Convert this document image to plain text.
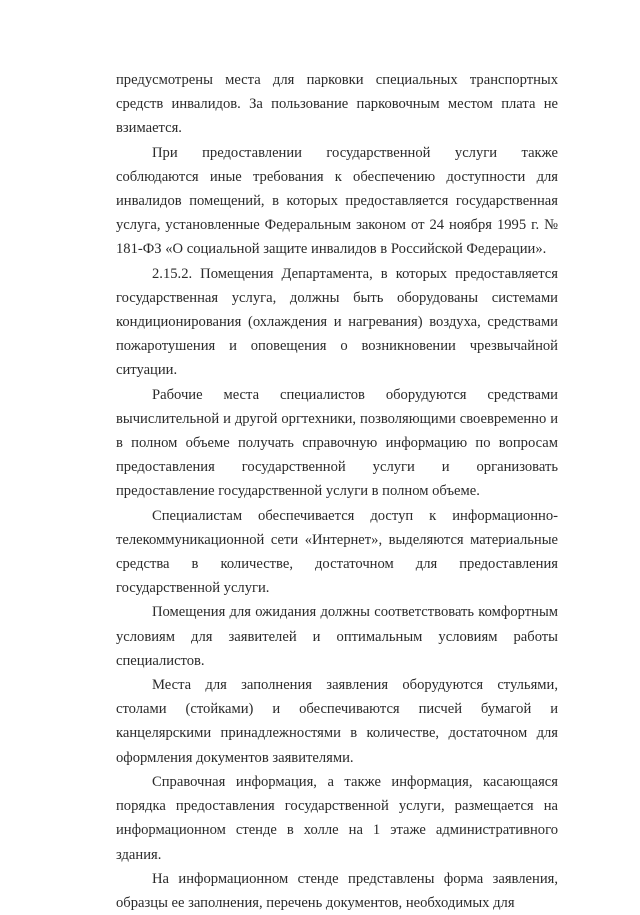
предусмотрены места для парковки специальных транспортных средств инвалидов. За пользование парковочным местом плата не взимается.

При предоставлении государственной услуги также соблюдаются иные требования к обеспечению доступности для инвалидов помещений, в которых предоставляется государственная услуга, установленные Федеральным законом от 24 ноября 1995 г. № 181-ФЗ «О социальной защите инвалидов в Российской Федерации».

2.15.2. Помещения Департамента, в которых предоставляется государственная услуга, должны быть оборудованы системами кондиционирования (охлаждения и нагревания) воздуха, средствами пожаротушения и оповещения о возникновении чрезвычайной ситуации.

Рабочие места специалистов оборудуются средствами вычислительной и другой оргтехники, позволяющими своевременно и в полном объеме получать справочную информацию по вопросам предоставления государственной услуги и организовать предоставление государственной услуги в полном объеме.

Специалистам обеспечивается доступ к информационно-телекоммуникационной сети «Интернет», выделяются материальные средства в количестве, достаточном для предоставления государственной услуги.

Помещения для ожидания должны соответствовать комфортным условиям для заявителей и оптимальным условиям работы специалистов.

Места для заполнения заявления оборудуются стульями, столами (стойками) и обеспечиваются писчей бумагой и канцелярскими принадлежностями в количестве, достаточном для оформления документов заявителями.

Справочная информация, а также информация, касающаяся порядка предоставления государственной услуги, размещается на информационном стенде в холле на 1 этаже административного здания.

На информационном стенде представлены форма заявления, образцы ее заполнения, перечень документов, необходимых для
